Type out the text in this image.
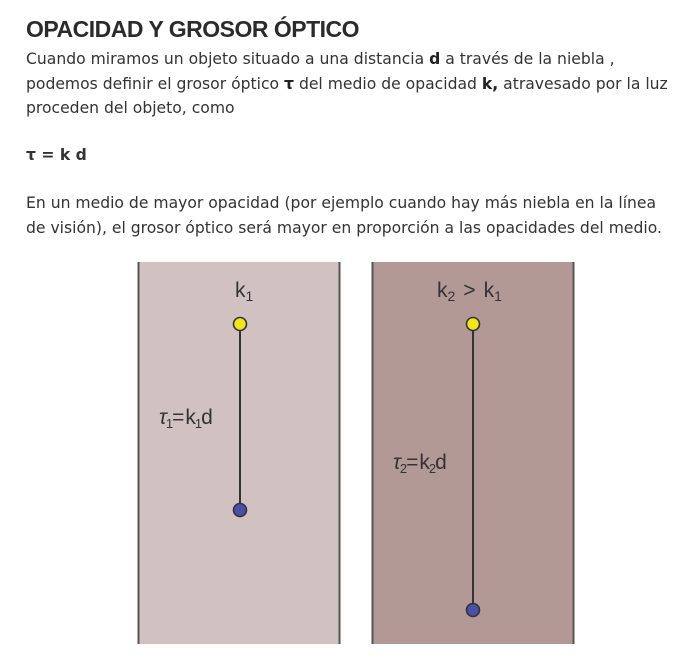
OPACIDAD Y GROSOR ÓPTICO

Cuando miramos un objeto situado a una distancia d a través de la niebla , podemos definir el grosor óptico τ del medio de opacidad k, atravesado por la luz proceden del objeto, como

τ = k d

En un medio de mayor opacidad (por ejemplo cuando hay más niebla en la línea de visión), el grosor óptico será mayor en proporción a las opacidades del medio.

k1
τ1=k1d
k2 > k1
τ2=k2d
